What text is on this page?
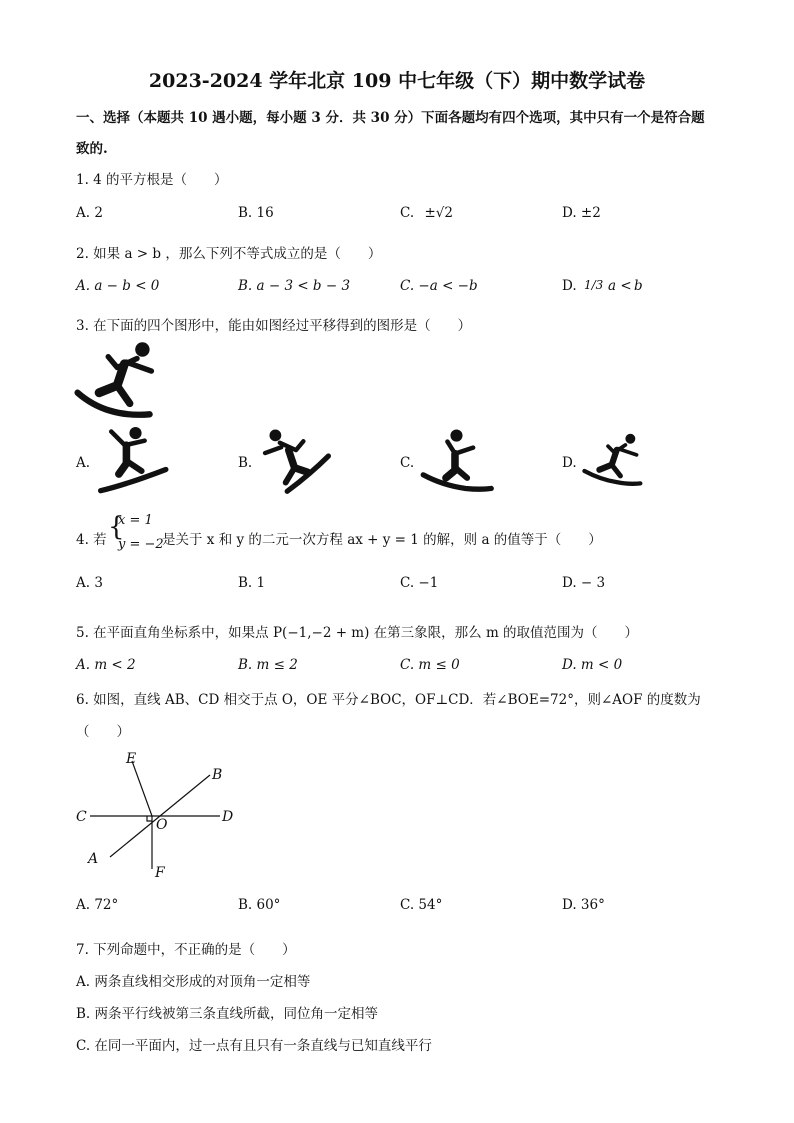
2023-2024 学年北京 109 中七年级（下）期中数学试卷
一、选择（本题共 10 遇小题，每小题 3 分．共 30 分）下面各题均有四个选项，其中只有一个是符合题
致的.
1. 4 的平方根是（　　）
A. 2	B. 16	C. ±√2	D. ±2
2. 如果 a > b ，那么下列不等式成立的是（　　）
A. a − b < 0	B. a − 3 < b − 3	C. −a < −b	D. 1/3 a < b
3. 在下面的四个图形中，能由如图经过平移得到的图形是（　　）
A.	B.	C.	D.
4. 若 {
x = 1
y = −2
是关于 x 和 y 的二元一次方程 ax + y = 1 的解，则 a 的值等于（　　）
A. 3	B. 1	C. −1	D. − 3
5. 在平面直角坐标系中，如果点 P(−1,−2 + m) 在第三象限，那么 m 的取值范围为（　　）
A. m < 2	B. m ≤ 2	C. m ≤ 0	D. m < 0
6. 如图，直线 AB、CD 相交于点 O，OE 平分∠BOC，OF⊥CD．若∠BOE=72°，则∠AOF 的度数为
（　　）
E
B
C	O	D
A
F
A. 72°	B. 60°	C. 54°	D. 36°
7. 下列命题中，不正确的是（　　）
A. 两条直线相交形成的对顶角一定相等
B. 两条平行线被第三条直线所截，同位角一定相等
C. 在同一平面内，过一点有且只有一条直线与已知直线平行
